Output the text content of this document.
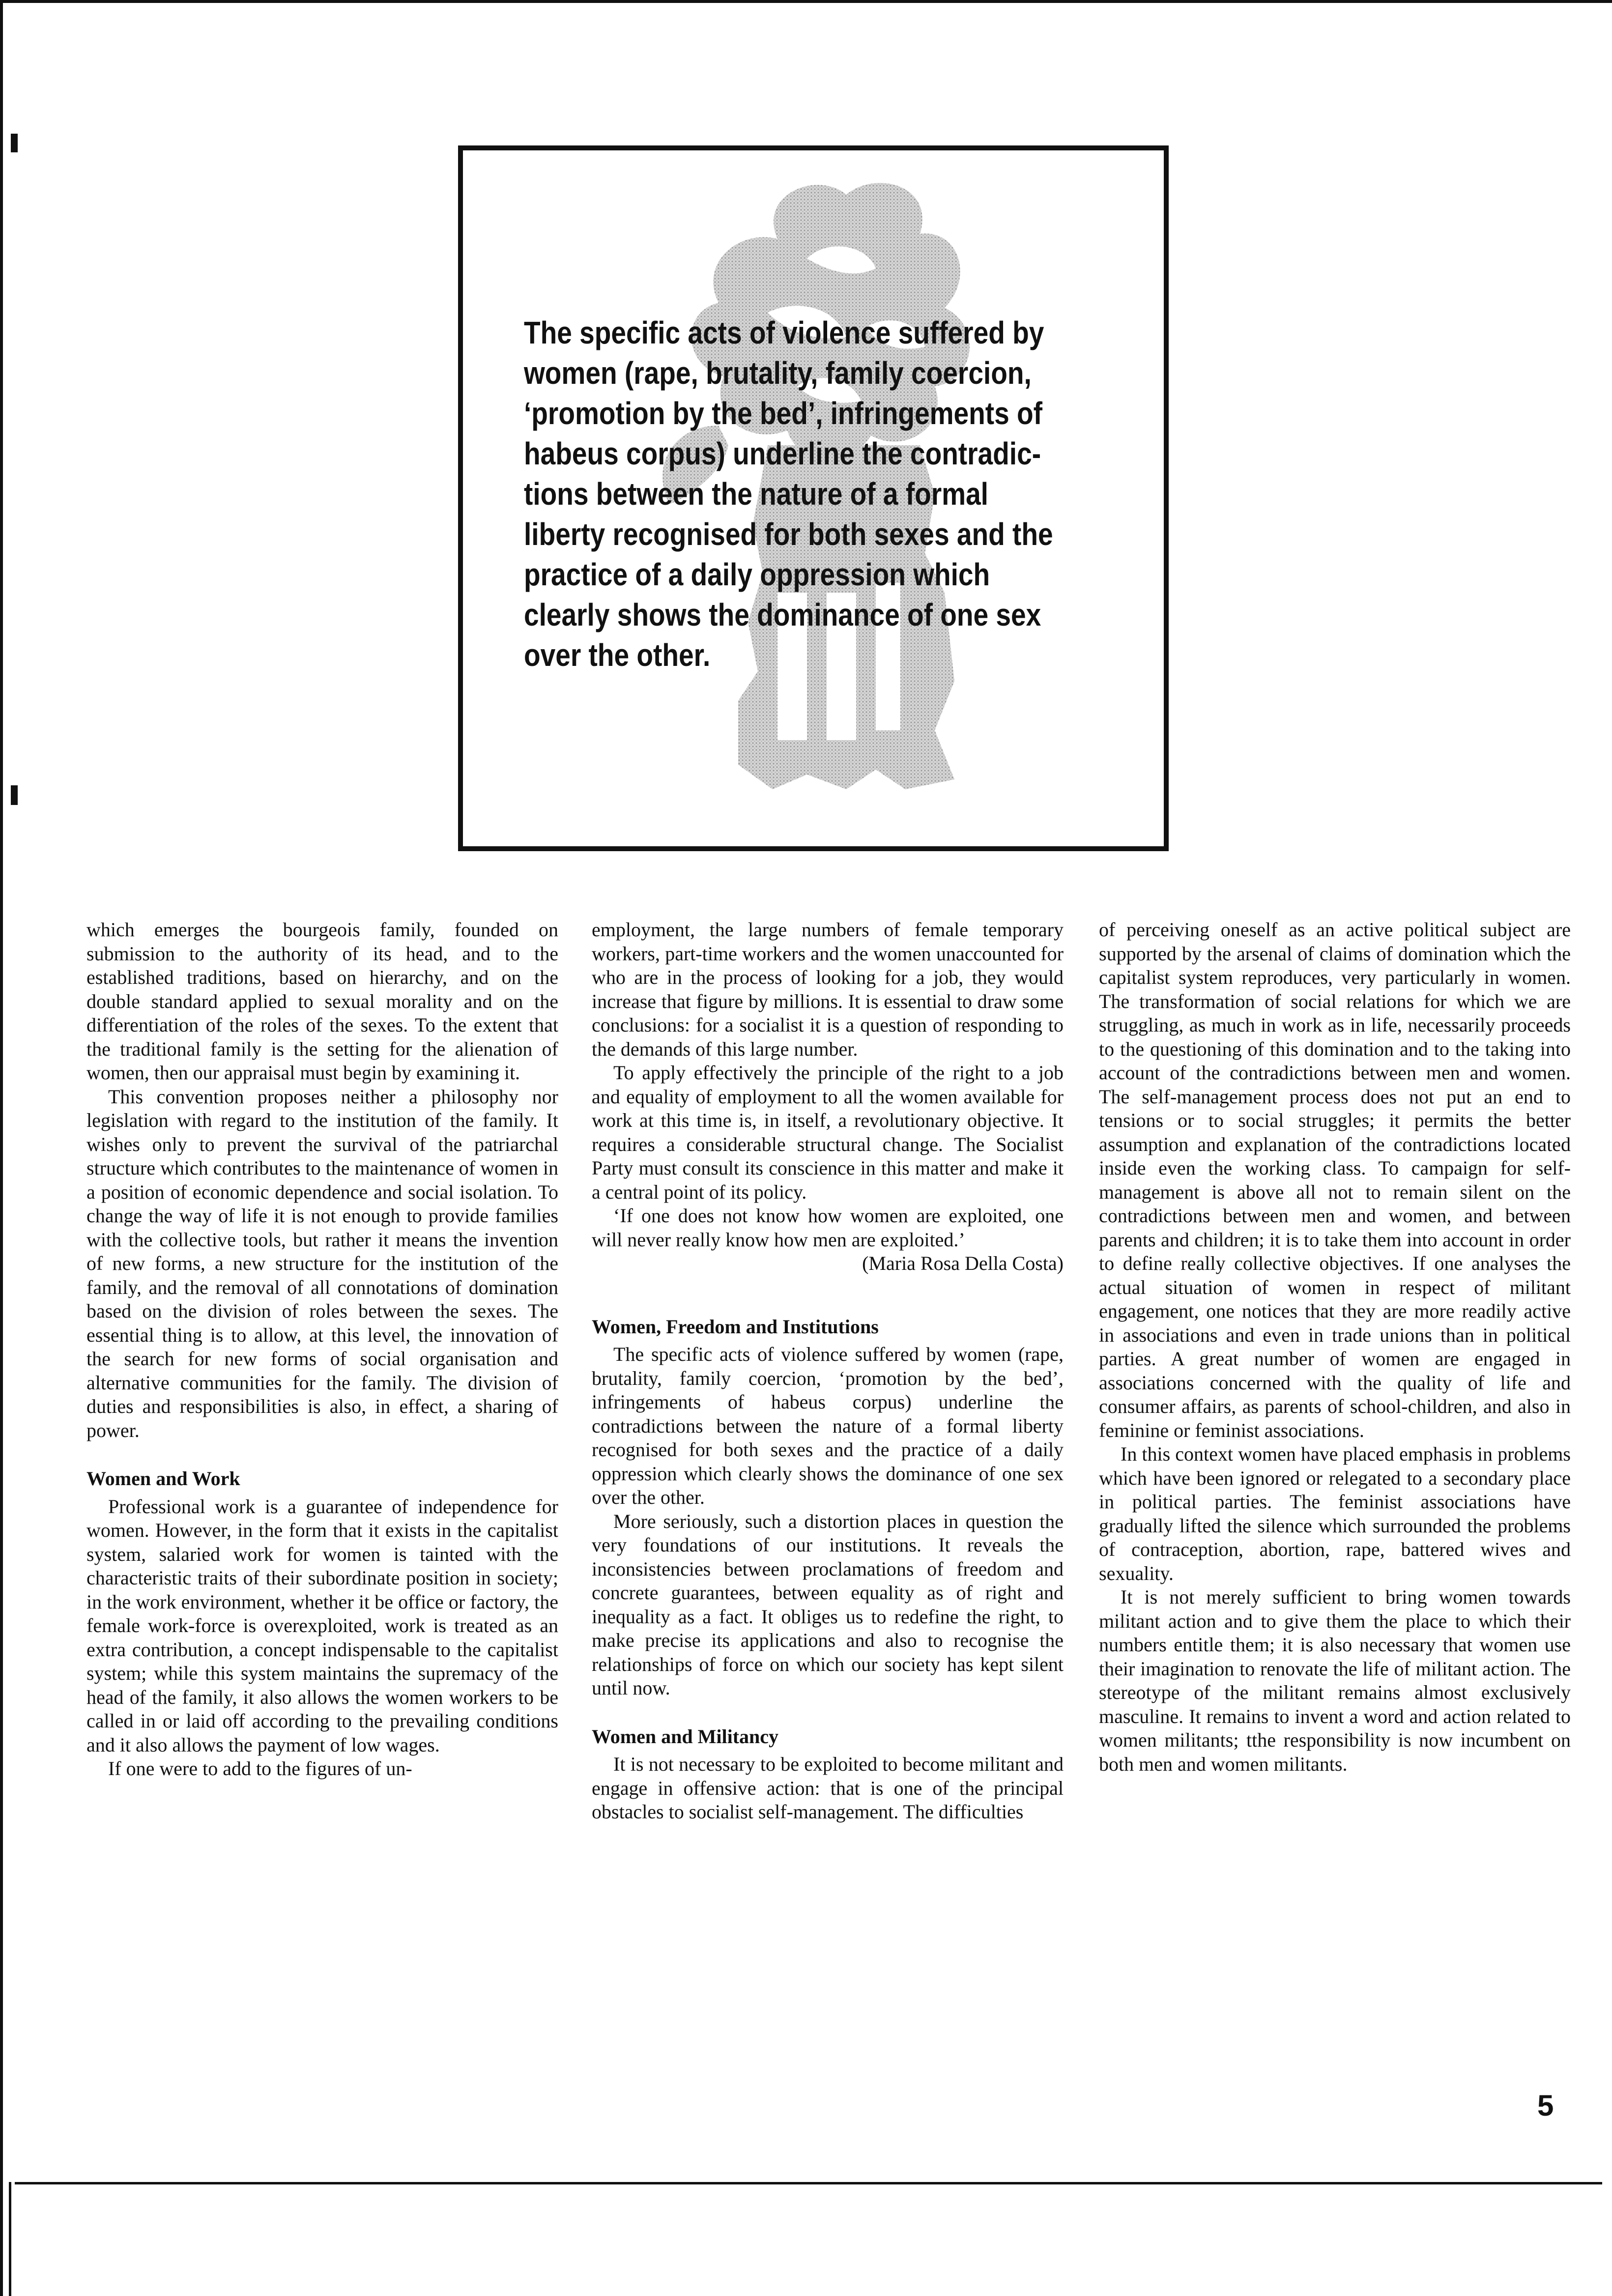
The specific acts of violence suffered by women (rape, brutality, family coercion, ‘promotion by the bed’, infringements of habeus corpus) underline the contradic-tions between the nature of a formal liberty recognised for both sexes and the practice of a daily oppression which clearly shows the dominance of one sex over the other.

which emerges the bourgeois family, founded on submission to the authority of its head, and to the established traditions, based on hierarchy, and on the double standard applied to sexual morality and on the differentiation of the roles of the sexes. To the extent that the traditional family is the setting for the alienation of women, then our appraisal must begin by examining it.

This convention proposes neither a philosophy nor legislation with regard to the institution of the family. It wishes only to prevent the survival of the patriarchal structure which contributes to the maintenance of women in a position of economic dependence and social isolation. To change the way of life it is not enough to provide families with the collective tools, but rather it means the invention of new forms, a new structure for the institution of the family, and the removal of all connotations of domination based on the division of roles between the sexes. The essential thing is to allow, at this level, the innovation of the search for new forms of social organisation and alternative communities for the family. The division of duties and responsibilities is also, in effect, a sharing of power.

Women and Work

Professional work is a guarantee of independence for women. However, in the form that it exists in the capitalist system, salaried work for women is tainted with the characteristic traits of their subordinate position in society; in the work environment, whether it be office or factory, the female work-force is overexploited, work is treated as an extra contribution, a concept indispensable to the capitalist system; while this system maintains the supremacy of the head of the family, it also allows the women workers to be called in or laid off according to the prevailing conditions and it also allows the payment of low wages.

If one were to add to the figures of un-

employment, the large numbers of female temporary workers, part-time workers and the women unaccounted for who are in the process of looking for a job, they would increase that figure by millions. It is essential to draw some conclusions: for a socialist it is a question of responding to the demands of this large number.

To apply effectively the principle of the right to a job and equality of employment to all the women available for work at this time is, in itself, a revolutionary objective. It requires a considerable structural change. The Socialist Party must consult its conscience in this matter and make it a central point of its policy.

‘If one does not know how women are exploited, one will never really know how men are exploited.’

(Maria Rosa Della Costa)

Women, Freedom and Institutions

The specific acts of violence suffered by women (rape, brutality, family coercion, ‘promotion by the bed’, infringements of habeus corpus) underline the contradictions between the nature of a formal liberty recognised for both sexes and the practice of a daily oppression which clearly shows the dominance of one sex over the other.

More seriously, such a distortion places in question the very foundations of our institutions. It reveals the inconsistencies between proclamations of freedom and concrete guarantees, between equality as of right and inequality as a fact. It obliges us to redefine the right, to make precise its applications and also to recognise the relationships of force on which our society has kept silent until now.

Women and Militancy

It is not necessary to be exploited to become militant and engage in offensive action: that is one of the principal obstacles to socialist self-management. The difficulties

of perceiving oneself as an active political subject are supported by the arsenal of claims of domination which the capitalist system reproduces, very particularly in women. The transformation of social relations for which we are struggling, as much in work as in life, necessarily proceeds to the questioning of this domination and to the taking into account of the contradictions between men and women. The self-management process does not put an end to tensions or to social struggles; it permits the better assumption and explanation of the contradictions located inside even the working class. To campaign for self-management is above all not to remain silent on the contradictions between men and women, and between parents and children; it is to take them into account in order to define really collective objectives. If one analyses the actual situation of women in respect of militant engagement, one notices that they are more readily active in associations and even in trade unions than in political parties. A great number of women are engaged in associations concerned with the quality of life and consumer affairs, as parents of school-children, and also in feminine or feminist associations.

In this context women have placed emphasis in problems which have been ignored or relegated to a secondary place in political parties. The feminist associations have gradually lifted the silence which surrounded the problems of contraception, abortion, rape, battered wives and sexuality.

It is not merely sufficient to bring women towards militant action and to give them the place to which their numbers entitle them; it is also necessary that women use their imagination to renovate the life of militant action. The stereotype of the militant remains almost exclusively masculine. It remains to invent a word and action related to women militants; tthe responsibility is now incumbent on both men and women militants.

5
